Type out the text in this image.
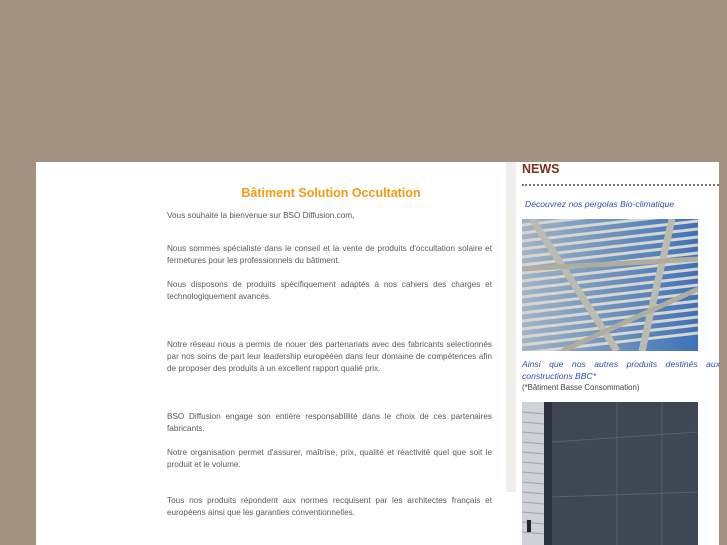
Bâtiment Solution Occultation
Vous souhaite la bienvenue sur BSO Diffusion.com,
Nous sommes spécialiste dans le conseil et la vente de produits d'occultation solaire et fermetures pour les professionnels du bâtiment.
Nous disposons de produits spécifiquement adaptés à nos cahiers des charges et technologiquement avancés.
Notre réseau nous a permis de nouer des partenariats avec des fabricants selectionnés par nos soins de part leur leadership europééen dans leur domaine de compétences afin de proposer des produits à un excellent rapport qualié prix.
BSO Diffusion engage son entière responsablilité dans le choix de ces partenaires fabricants.
Notre organisation permet d'assurer, maîtrise, prix, qualité et réactivité quel que soit le produit et le volume.
Tous nos produits répondent aux normes recquisent par les architectes français et européens ainsi que les garanties conventionnelles.
NEWS
Découvrez nos pergolas Bio-climatique
Ainsi que nos autres produits destinés aux constructions BBC*
(*Bâtiment Basse Consommation)
